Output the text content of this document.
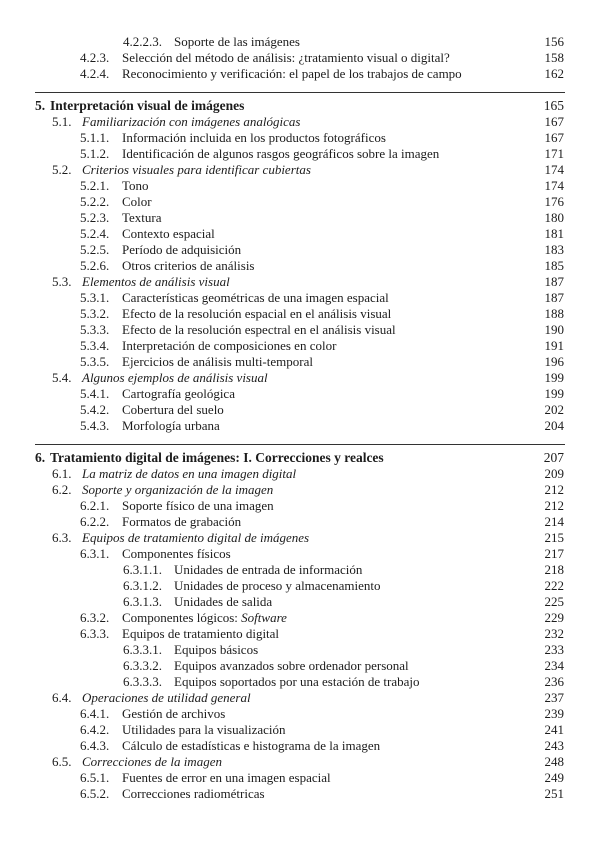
4.2.2.3. Soporte de las imágenes	156
4.2.3. Selección del método de análisis: ¿tratamiento visual o digital?	158
4.2.4. Reconocimiento y verificación: el papel de los trabajos de campo	162
5. Interpretación visual de imágenes	165
5.1. Familiarización con imágenes analógicas	167
5.1.1. Información incluida en los productos fotográficos	167
5.1.2. Identificación de algunos rasgos geográficos sobre la imagen	171
5.2. Criterios visuales para identificar cubiertas	174
5.2.1. Tono	174
5.2.2. Color	176
5.2.3. Textura	180
5.2.4. Contexto espacial	181
5.2.5. Período de adquisición	183
5.2.6. Otros criterios de análisis	185
5.3. Elementos de análisis visual	187
5.3.1. Características geométricas de una imagen espacial	187
5.3.2. Efecto de la resolución espacial en el análisis visual	188
5.3.3. Efecto de la resolución espectral en el análisis visual	190
5.3.4. Interpretación de composiciones en color	191
5.3.5. Ejercicios de análisis multi-temporal	196
5.4. Algunos ejemplos de análisis visual	199
5.4.1. Cartografía geológica	199
5.4.2. Cobertura del suelo	202
5.4.3. Morfología urbana	204
6. Tratamiento digital de imágenes: I. Correcciones y realces	207
6.1. La matriz de datos en una imagen digital	209
6.2. Soporte y organización de la imagen	212
6.2.1. Soporte físico de una imagen	212
6.2.2. Formatos de grabación	214
6.3. Equipos de tratamiento digital de imágenes	215
6.3.1. Componentes físicos	217
6.3.1.1. Unidades de entrada de información	218
6.3.1.2. Unidades de proceso y almacenamiento	222
6.3.1.3. Unidades de salida	225
6.3.2. Componentes lógicos: Software	229
6.3.3. Equipos de tratamiento digital	232
6.3.3.1. Equipos básicos	233
6.3.3.2. Equipos avanzados sobre ordenador personal	234
6.3.3.3. Equipos soportados por una estación de trabajo	236
6.4. Operaciones de utilidad general	237
6.4.1. Gestión de archivos	239
6.4.2. Utilidades para la visualización	241
6.4.3. Cálculo de estadísticas e histograma de la imagen	243
6.5. Correcciones de la imagen	248
6.5.1. Fuentes de error en una imagen espacial	249
6.5.2. Correcciones radiométricas	251
